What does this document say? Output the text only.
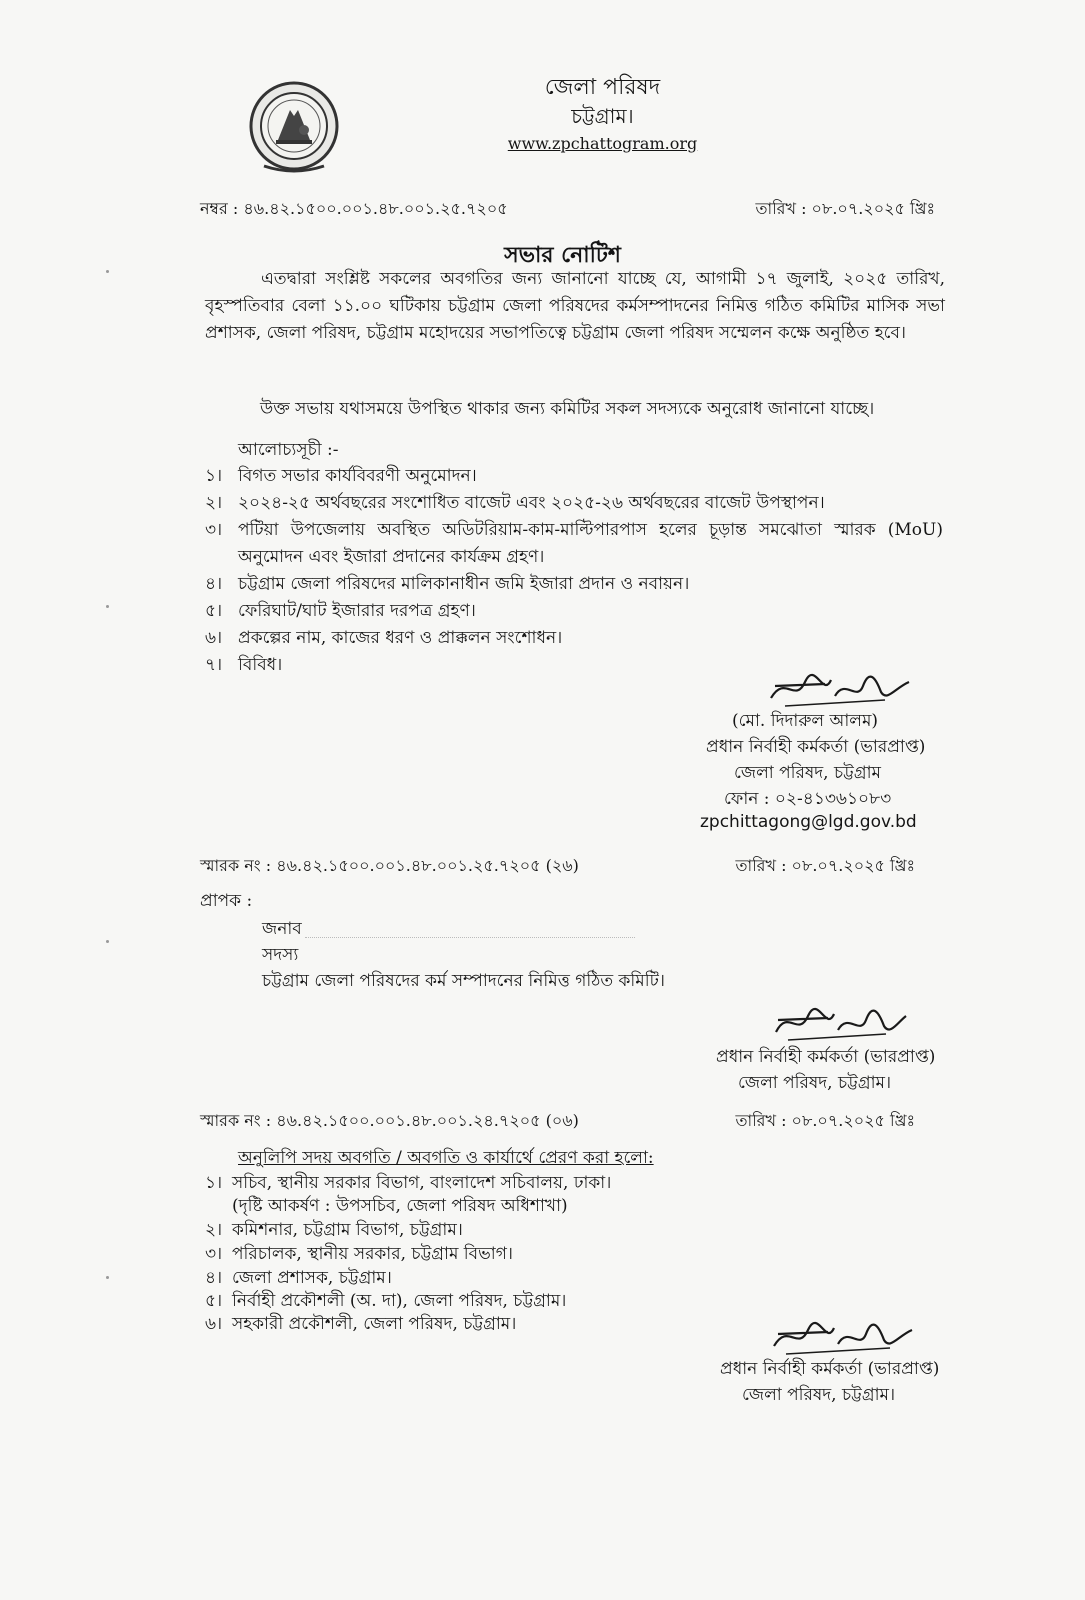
জেলা পরিষদ
চট্টগ্রাম।
www.zpchattogram.org
নম্বর : ৪৬.৪২.১৫০০.০০১.৪৮.০০১.২৫.৭২০৫	তারিখ : ০৮.০৭.২০২৫ খ্রিঃ
সভার নোটিশ

এতদ্বারা সংশ্লিষ্ট সকলের অবগতির জন্য জানানো যাচ্ছে যে, আগামী ১৭ জুলাই, ২০২৫ তারিখ, বৃহস্পতিবার বেলা ১১.০০ ঘটিকায় চট্টগ্রাম জেলা পরিষদের কর্মসম্পাদনের নিমিত্ত গঠিত কমিটির মাসিক সভা প্রশাসক, জেলা পরিষদ, চট্টগ্রাম মহোদয়ের সভাপতিত্বে চট্টগ্রাম জেলা পরিষদ সম্মেলন কক্ষে অনুষ্ঠিত হবে।

উক্ত সভায় যথাসময়ে উপস্থিত থাকার জন্য কমিটির সকল সদস্যকে অনুরোধ জানানো যাচ্ছে।
আলোচ্যসূচী :-
১। বিগত সভার কার্যবিবরণী অনুমোদন।
২। ২০২৪-২৫ অর্থবছরের সংশোধিত বাজেট এবং ২০২৫-২৬ অর্থবছরের বাজেট উপস্থাপন।
৩। পটিয়া উপজেলায় অবস্থিত অডিটরিয়াম-কাম-মাল্টিপারপাস হলের চূড়ান্ত সমঝোতা স্মারক (MoU)
অনুমোদন এবং ইজারা প্রদানের কার্যক্রম গ্রহণ।
৪। চট্টগ্রাম জেলা পরিষদের মালিকানাধীন জমি ইজারা প্রদান ও নবায়ন।
৫। ফেরিঘাট/ঘাট ইজারার দরপত্র গ্রহণ।
৬। প্রকল্পের নাম, কাজের ধরণ ও প্রাক্কলন সংশোধন।
৭। বিবিধ।
(মো. দিদারুল আলম)
প্রধান নির্বাহী কর্মকর্তা (ভারপ্রাপ্ত)
জেলা পরিষদ, চট্টগ্রাম
ফোন : ০২-৪১৩৬১০৮৩
zpchittagong@lgd.gov.bd
স্মারক নং : ৪৬.৪২.১৫০০.০০১.৪৮.০০১.২৫.৭২০৫ (২৬)	তারিখ : ০৮.০৭.২০২৫ খ্রিঃ
প্রাপক :
জনাব
সদস্য
চট্টগ্রাম জেলা পরিষদের কর্ম সম্পাদনের নিমিত্ত গঠিত কমিটি।
প্রধান নির্বাহী কর্মকর্তা (ভারপ্রাপ্ত)
জেলা পরিষদ, চট্টগ্রাম।
স্মারক নং : ৪৬.৪২.১৫০০.০০১.৪৮.০০১.২৪.৭২০৫ (০৬)	তারিখ : ০৮.০৭.২০২৫ খ্রিঃ
অনুলিপি সদয় অবগতি / অবগতি ও কার্যার্থে প্রেরণ করা হলো:
১। সচিব, স্থানীয় সরকার বিভাগ, বাংলাদেশ সচিবালয়, ঢাকা।
(দৃষ্টি আকর্ষণ : উপসচিব, জেলা পরিষদ অধিশাখা)
২। কমিশনার, চট্টগ্রাম বিভাগ, চট্টগ্রাম।
৩। পরিচালক, স্থানীয় সরকার, চট্টগ্রাম বিভাগ।
৪। জেলা প্রশাসক, চট্টগ্রাম।
৫। নির্বাহী প্রকৌশলী (অ. দা), জেলা পরিষদ, চট্টগ্রাম।
৬। সহকারী প্রকৌশলী, জেলা পরিষদ, চট্টগ্রাম।
প্রধান নির্বাহী কর্মকর্তা (ভারপ্রাপ্ত)
জেলা পরিষদ, চট্টগ্রাম।
